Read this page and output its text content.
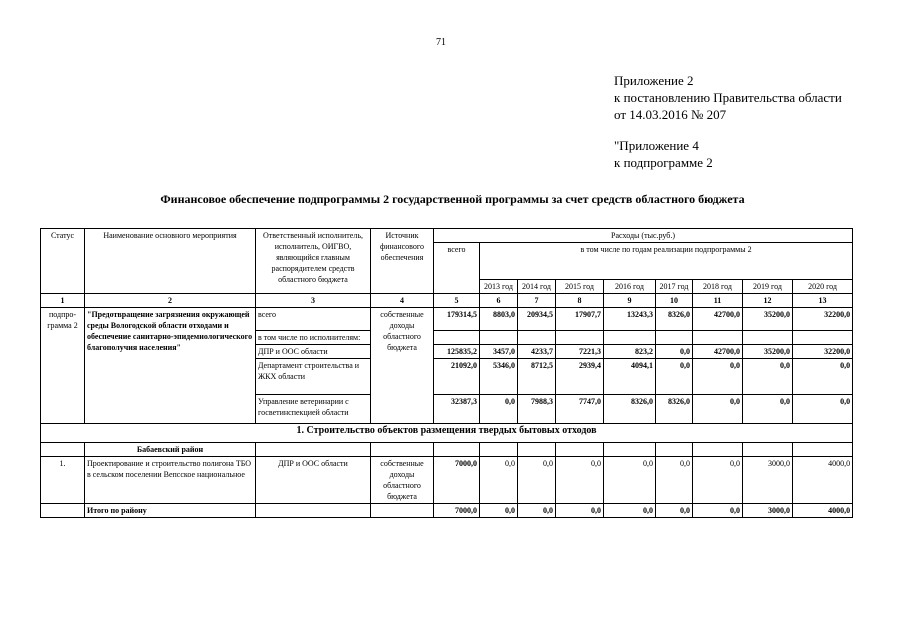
71
Приложение 2
к постановлению Правительства области
от 14.03.2016 № 207
"Приложение 4
к подпрограмме 2
Финансовое обеспечение подпрограммы 2 государственной программы за счет средств областного бюджета
Статус	Наименование основного мероприятия	Ответственный исполнитель, исполнитель, ОИГВО, являющийся главным распорядителем средств областного бюджета	Источник финансового обеспечения	Расходы (тыс.руб.)								
				всего	в том числе по годам реализации подпрограммы 2							
					2013 год	2014 год	2015 год	2016 год	2017 год	2018 год	2019 год	2020 год
1	2	3	4	5	6	7	8	9	10	11	12	13
подпро-грамма 2	"Предотвращение загрязнения окружающей среды Вологодской области отходами и обеспечение санитарно-эпидемиологического благополучия населения"	всего	собственные доходы областного бюджета	179314,5	8803,0	20934,5	17907,7	13243,3	8326,0	42700,0	35200,0	32200,0
		в том числе по исполнителям:										
		ДПР и ООС области		125835,2	3457,0	4233,7	7221,3	823,2	0,0	42700,0	35200,0	32200,0
		Департамент строительства и ЖКХ области		21092,0	5346,0	8712,5	2939,4	4094,1	0,0	0,0	0,0	0,0
		Управление ветеринарии с госветинспекцией области		32387,3	0,0	7988,3	7747,0	8326,0	8326,0	0,0	0,0	0,0
1. Строительство объектов размещения твердых бытовых отходов												
	Бабаевский район											
1.	Проектирование и строительство полигона ТБО в сельском поселении Вепсское национальное	ДПР и ООС области	собственные доходы областного бюджета	7000,0	0,0	0,0	0,0	0,0	0,0	0,0	3000,0	4000,0
	Итого по району			7000,0	0,0	0,0	0,0	0,0	0,0	0,0	3000,0	4000,0
